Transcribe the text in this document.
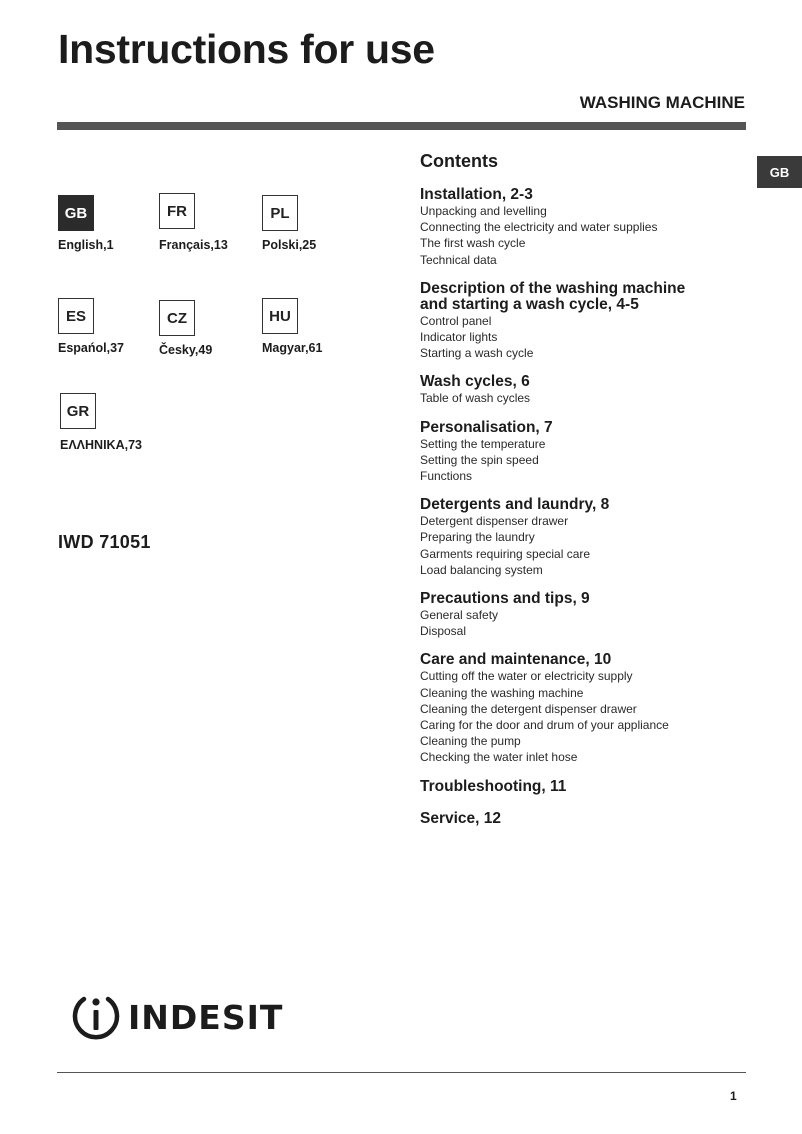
Instructions for use
WASHING MACHINE
GB
GB
English,1
FR
Français,13
PL
Polski,25
ES
Espańol,37
CZ
Česky,49
HU
Magyar,61
GR
ΕΛΛΗΝΙΚΑ,73
IWD 71051
Contents
Installation, 2-3
Unpacking and levelling
Connecting the electricity and water supplies
The first wash cycle
Technical data
Description of the washing machine
and starting a wash cycle, 4-5
Control panel
Indicator lights
Starting a wash cycle
Wash cycles, 6
Table of wash cycles
Personalisation, 7
Setting the temperature
Setting the spin speed
Functions
Detergents and laundry, 8
Detergent dispenser drawer
Preparing the laundry
Garments requiring special care
Load balancing system
Precautions and tips, 9
General safety
Disposal
Care and maintenance, 10
Cutting off the water or electricity supply
Cleaning the washing machine
Cleaning the detergent dispenser drawer
Caring for the door and drum of your appliance
Cleaning the pump
Checking the water inlet hose
Troubleshooting, 11
Service, 12
INDESIT
1
